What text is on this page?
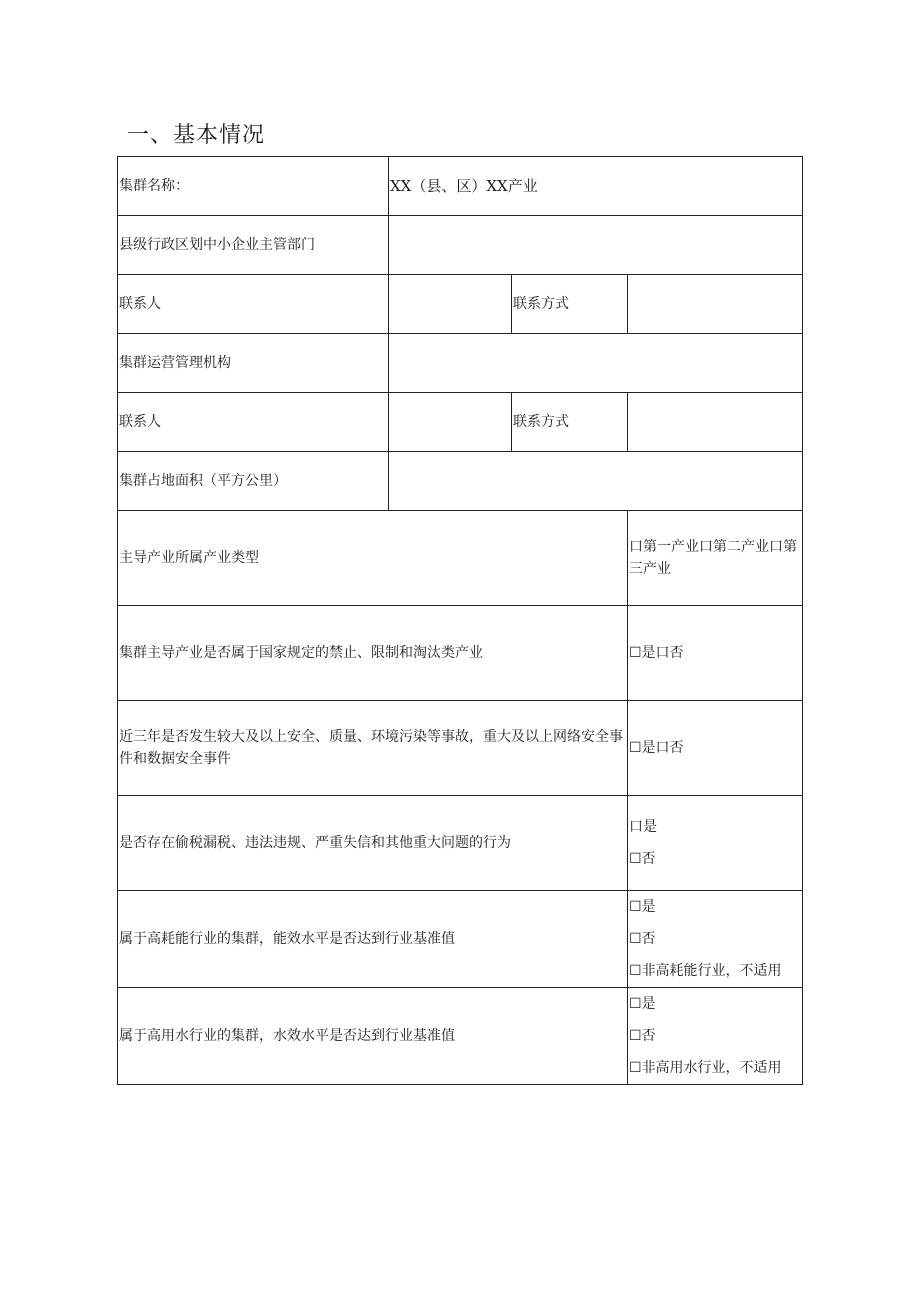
一、基本情况
集群名称：	XX（县、区）XX产业		
县级行政区划中小企业主管部门			
联系人		联系方式	
集群运营管理机构			
联系人		联系方式	
集群占地面积（平方公里）			
主导产业所属产业类型			口第一产业口第二产业口第三产业
集群主导产业是否属于国家规定的禁止、限制和淘汰类产业			☐是口否
近三年是否发生较大及以上安全、质量、环境污染等事故，重大及以上网络安全事件和数据安全事件			☐是口否
是否存在偷税漏税、违法违规、严重失信和其他重大问题的行为			口是
☐否

属于高耗能行业的集群，能效水平是否达到行业基准值			☐是
☐否
☐非高耗能行业，不适用

属于高用水行业的集群，水效水平是否达到行业基准值			☐是
☐否
☐非高用水行业，不适用
